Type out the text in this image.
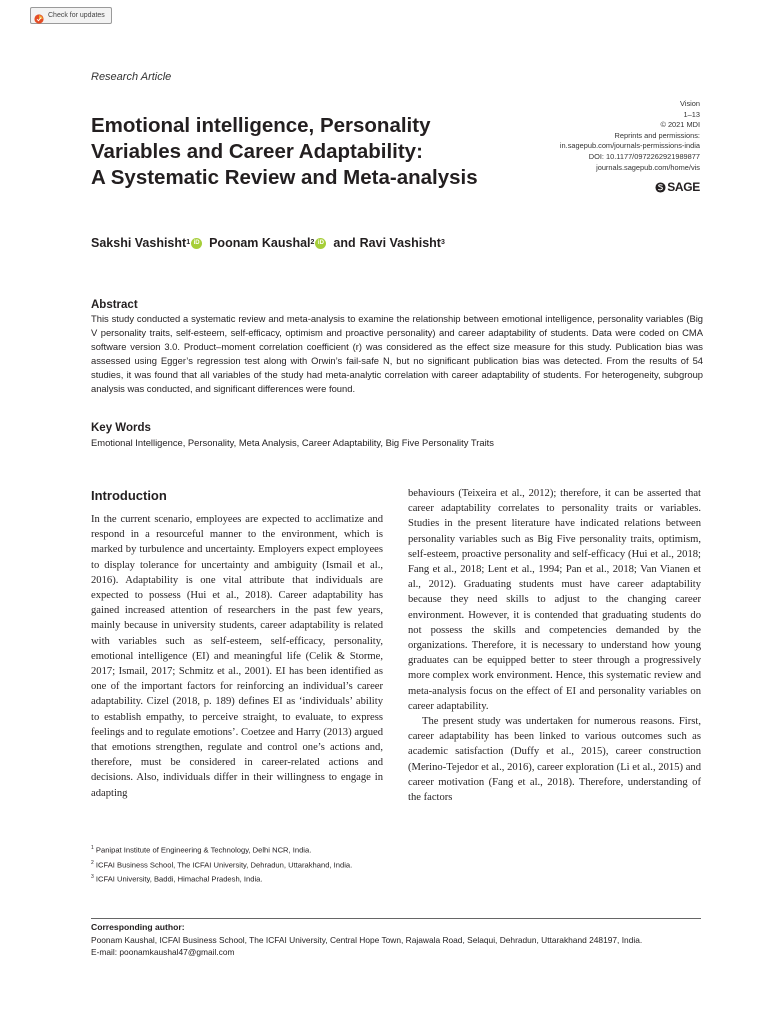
Check for updates
Research Article
Emotional intelligence, Personality
Variables and Career Adaptability:
A Systematic Review and Meta-analysis
Vision
1–13
© 2021 MDI
Reprints and permissions:
in.sagepub.com/journals-permissions-india
DOI: 10.1177/0972262921989877
journals.sagepub.com/home/vis
SAGE
Sakshi Vashisht$^1$ iD Poonam Kaushal$^2$ iD and Ravi Vashisht$^3$
Abstract
This study conducted a systematic review and meta-analysis to examine the relationship between emotional intelligence, personality variables (Big V personality traits, self-esteem, self-efficacy, optimism and proactive personality) and career adaptability of students. Data were coded on CMA software version 3.0. Product–moment correlation coefficient (r) was considered as the effect size measure for this study. Publication bias was assessed using Egger’s regression test along with Orwin’s fail-safe N, but no significant publication bias was detected. From the results of 54 studies, it was found that all variables of the study had meta-analytic correlation with career adaptability of students. For heterogeneity, subgroup analysis was conducted, and significant differences were found.
Key Words
Emotional Intelligence, Personality, Meta Analysis, Career Adaptability, Big Five Personality Traits
Introduction

In the current scenario, employees are expected to acclimatize and respond in a resourceful manner to the environment, which is marked by turbulence and uncertainty. Employers expect employees to display tolerance for uncertainty and ambiguity (Ismail et al., 2016). Adaptability is one vital attribute that individuals are expected to possess (Hui et al., 2018). Career adaptability has gained increased attention of researchers in the past few years, mainly because in university students, career adaptability is related with variables such as self-esteem, self-efficacy, personality, emotional intelligence (EI) and meaningful life (Celik & Storme, 2017; Ismail, 2017; Schmitz et al., 2001). EI has been identified as one of the important factors for reinforcing an individual’s career adaptability. Cizel (2018, p. 189) defines EI as ‘individuals’ ability to establish empathy, to perceive straight, to evaluate, to express feelings and to regulate emotions’. Coetzee and Harry (2013) argued that emotions strengthen, regulate and control one’s actions and, therefore, must be considered in career-related actions and decisions. Also, individuals differ in their willingness to engage in adapting

behaviours (Teixeira et al., 2012); therefore, it can be asserted that career adaptability correlates to personality traits or variables. Studies in the present literature have indicated relations between personality variables such as Big Five personality traits, optimism, self-esteem, proactive personality and self-efficacy (Hui et al., 2018; Fang et al., 2018; Lent et al., 1994; Pan et al., 2018; Van Vianen et al., 2012). Graduating students must have career adaptability because they need skills to adjust to the changing career environment. However, it is contended that graduating students do not possess the skills and competencies demanded by the organizations. Therefore, it is necessary to understand how young graduates can be equipped better to steer through a progressively more complex work environment. Hence, this systematic review and meta-analysis focus on the effect of EI and personality variables on career adaptability.

The present study was undertaken for numerous reasons. First, career adaptability has been linked to various outcomes such as academic satisfaction (Duffy et al., 2015), career construction (Merino-Tejedor et al., 2016), career exploration (Li et al., 2015) and career motivation (Fang et al., 2018). Therefore, understanding of the factors

$^1$ Panipat Institute of Engineering & Technology, Delhi NCR, India.
$^2$ ICFAI Business School, The ICFAI University, Dehradun, Uttarakhand, India.
$^3$ ICFAI University, Baddi, Himachal Pradesh, India.
Corresponding author:
Poonam Kaushal, ICFAI Business School, The ICFAI University, Central Hope Town, Rajawala Road, Selaqui, Dehradun, Uttarakhand 248197, India.
E-mail: poonamkaushal47@gmail.com
